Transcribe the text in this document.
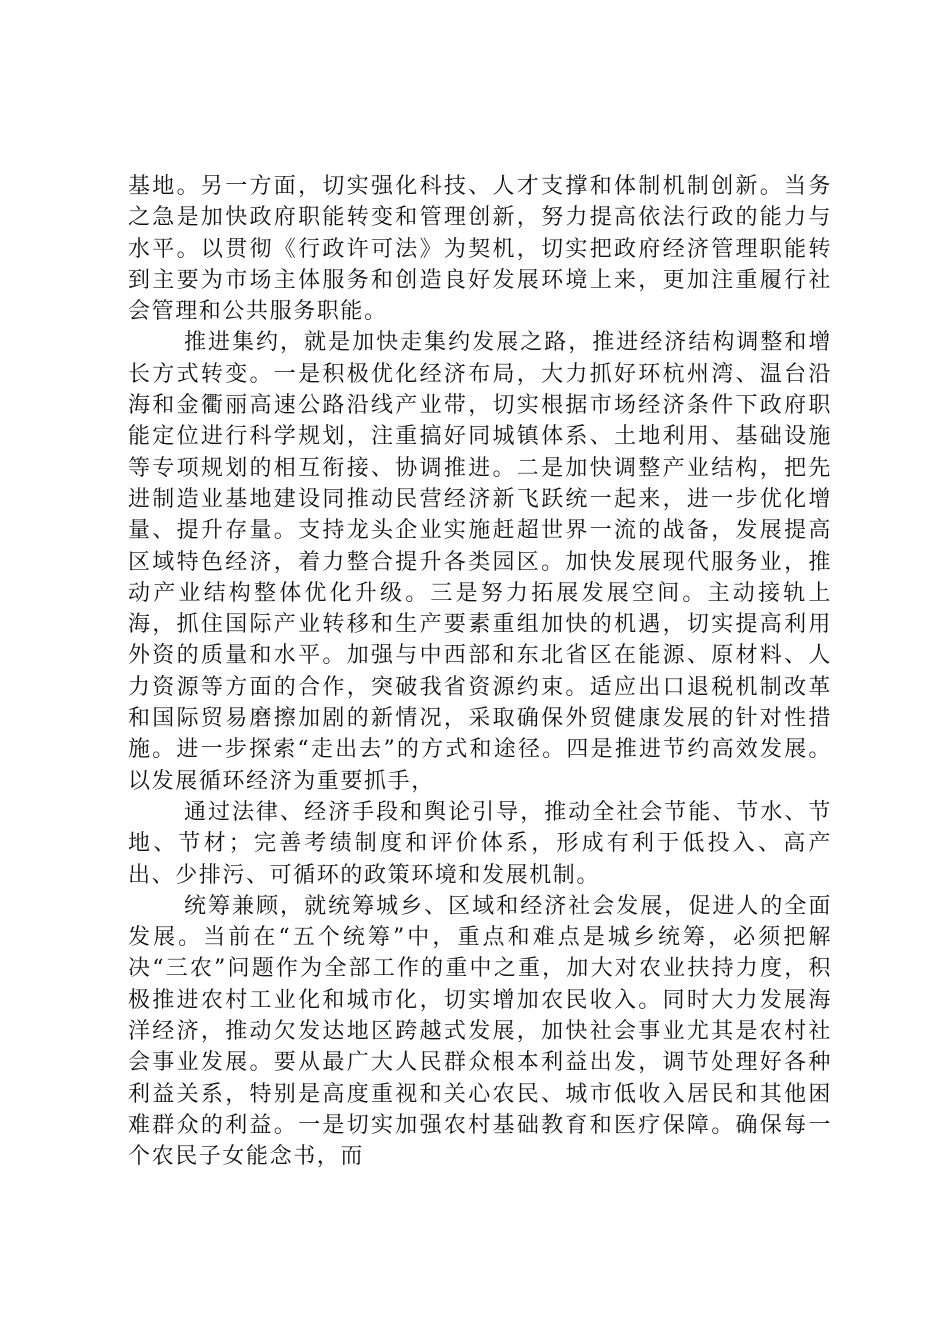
基地。另一方面，切实强化科技、人才支撑和体制机制创新。当务之急是加快政府职能转变和管理创新，努力提高依法行政的能力与水平。以贯彻《行政许可法》为契机，切实把政府经济管理职能转到主要为市场主体服务和创造良好发展环境上来，更加注重履行社会管理和公共服务职能。

推进集约，就是加快走集约发展之路，推进经济结构调整和增长方式转变。一是积极优化经济布局，大力抓好环杭州湾、温台沿海和金衢丽高速公路沿线产业带，切实根据市场经济条件下政府职能定位进行科学规划，注重搞好同城镇体系、土地利用、基础设施等专项规划的相互衔接、协调推进。二是加快调整产业结构，把先进制造业基地建设同推动民营经济新飞跃统一起来，进一步优化增量、提升存量。支持龙头企业实施赶超世界一流的战备，发展提高区域特色经济，着力整合提升各类园区。加快发展现代服务业，推动产业结构整体优化升级。三是努力拓展发展空间。主动接轨上海，抓住国际产业转移和生产要素重组加快的机遇，切实提高利用外资的质量和水平。加强与中西部和东北省区在能源、原材料、人力资源等方面的合作，突破我省资源约束。适应出口退税机制改革和国际贸易磨擦加剧的新情况，采取确保外贸健康发展的针对性措施。进一步探索“走出去”的方式和途径。四是推进节约高效发展。以发展循环经济为重要抓手，

通过法律、经济手段和舆论引导，推动全社会节能、节水、节地、节材；完善考绩制度和评价体系，形成有利于低投入、高产出、少排污、可循环的政策环境和发展机制。

统筹兼顾，就统筹城乡、区域和经济社会发展，促进人的全面发展。当前在“五个统筹”中，重点和难点是城乡统筹，必须把解决“三农”问题作为全部工作的重中之重，加大对农业扶持力度，积极推进农村工业化和城市化，切实增加农民收入。同时大力发展海洋经济，推动欠发达地区跨越式发展，加快社会事业尤其是农村社会事业发展。要从最广大人民群众根本利益出发，调节处理好各种利益关系，特别是高度重视和关心农民、城市低收入居民和其他困难群众的利益。一是切实加强农村基础教育和医疗保障。确保每一个农民子女能念书，而
